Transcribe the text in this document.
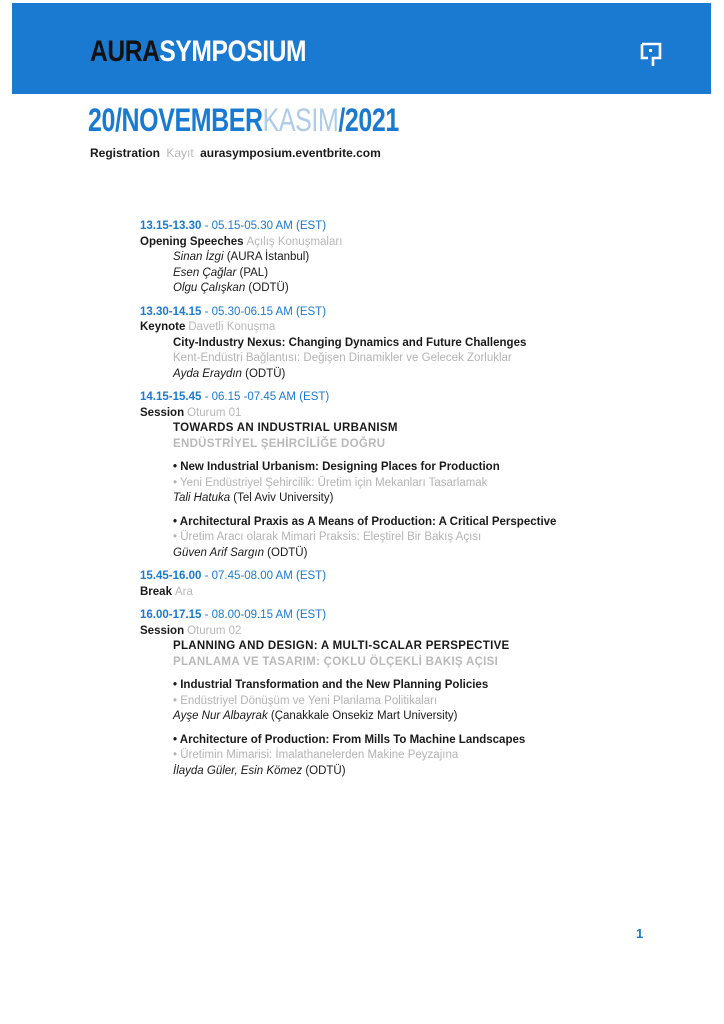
AURASYMPOSIUM
20/NOVEMBERKASIM/2021
Registration Kayıt aurasymposium.eventbrite.com
13.15-13.30 - 05.15-05.30 AM (EST)
Opening Speeches Açılış Konuşmaları
Sinan İzgi (AURA İstanbul)
Esen Çağlar (PAL)
Olgu Çalışkan (ODTÜ)
13.30-14.15 - 05.30-06.15 AM (EST)
Keynote Davetli Konuşma
City-Industry Nexus: Changing Dynamics and Future Challenges
Kent-Endüstri Bağlantısı: Değişen Dinamikler ve Gelecek Zorluklar
Ayda Eraydın (ODTÜ)
14.15-15.45 - 06.15 -07.45 AM (EST)
Session Oturum 01
TOWARDS AN INDUSTRIAL URBANISM
ENDÜSTRİYEL ŞEHİRCİLİĞE DOĞRU
• New Industrial Urbanism: Designing Places for Production
• Yeni Endüstriyel Şehircilik: Üretim için Mekanları Tasarlamak
Tali Hatuka (Tel Aviv University)
• Architectural Praxis as A Means of Production: A Critical Perspective
• Üretim Aracı olarak Mimari Praksis: Eleştirel Bir Bakış Açısı
Güven Arif Sargın (ODTÜ)
15.45-16.00 - 07.45-08.00 AM (EST)
Break Ara
16.00-17.15 - 08.00-09.15 AM (EST)
Session Oturum 02
PLANNING AND DESIGN: A MULTI-SCALAR PERSPECTIVE
PLANLAMA VE TASARIM: ÇOKLU ÖLÇEKLİ BAKIŞ AÇISI
• Industrial Transformation and the New Planning Policies
• Endüstriyel Dönüşüm ve Yeni Planlama Politikaları
Ayşe Nur Albayrak (Çanakkale Onsekiz Mart University)
• Architecture of Production: From Mills To Machine Landscapes
• Üretimin Mimarisi: İmalathanelerden Makine Peyzajına
İlayda Güler, Esin Kömez (ODTÜ)
1
